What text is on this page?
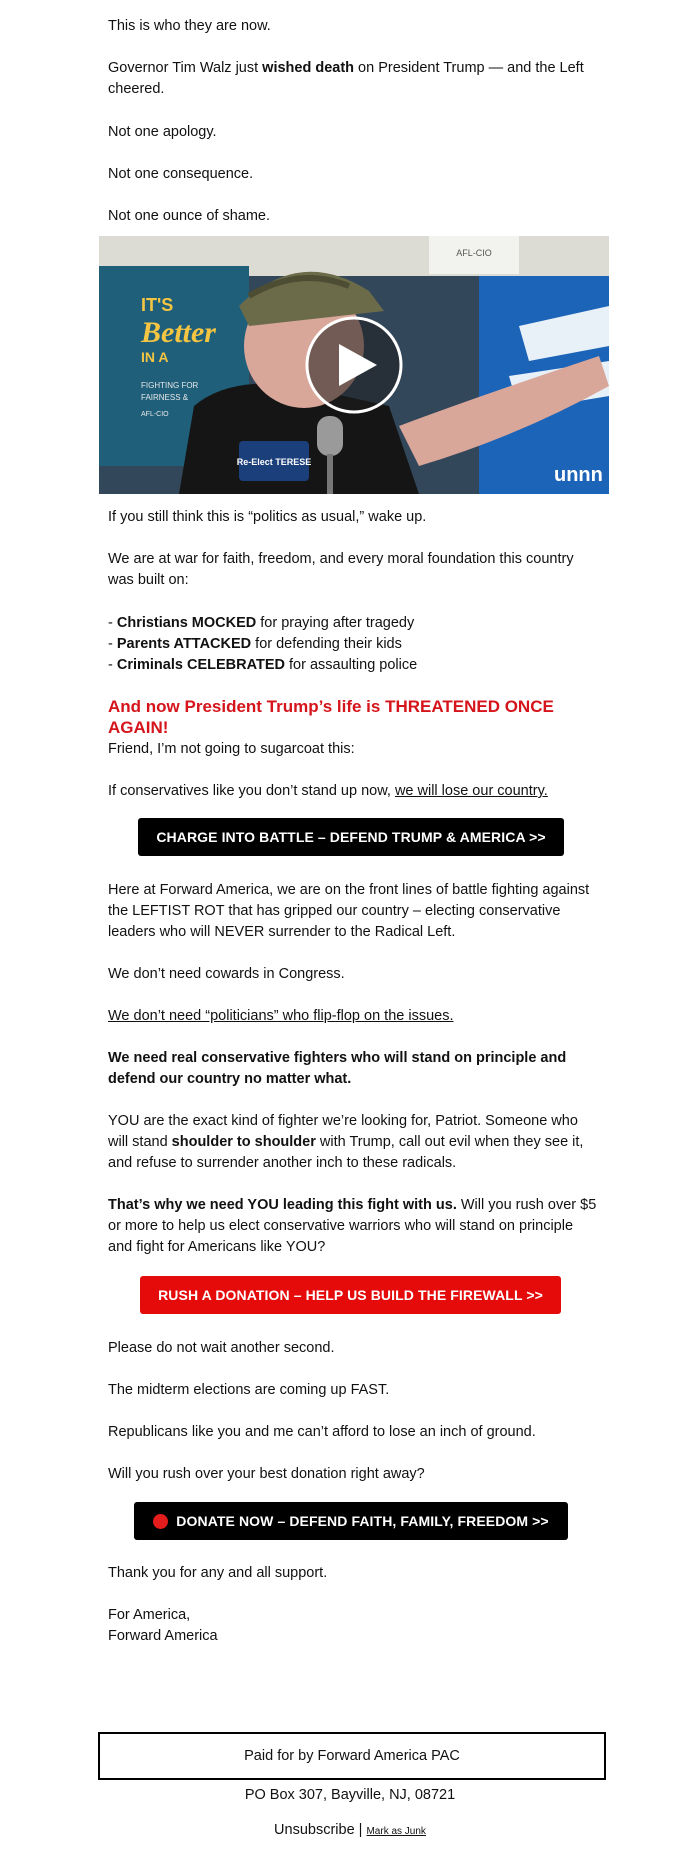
This is who they are now.

Governor Tim Walz just wished death on President Trump — and the Left cheered.

Not one apology.

Not one consequence.

Not one ounce of shame.

AFL-CIO
IT'S
Better
IN A
FIGHTING FOR
FAIRNESS &
AFL-CIO
unnn
Re-Elect TERESE

If you still think this is “politics as usual,” wake up.

We are at war for faith, freedom, and every moral foundation this country was built on:

- Christians MOCKED for praying after tragedy
- Parents ATTACKED for defending their kids
- Criminals CELEBRATED for assaulting police

And now President Trump’s life is THREATENED ONCE AGAIN!

Friend, I’m not going to sugarcoat this:

If conservatives like you don’t stand up now, we will lose our country.

CHARGE INTO BATTLE – DEFEND TRUMP & AMERICA >>

Here at Forward America, we are on the front lines of battle fighting against the LEFTIST ROT that has gripped our country – electing conservative leaders who will NEVER surrender to the Radical Left.

We don’t need cowards in Congress.

We don’t need “politicians” who flip-flop on the issues.

We need real conservative fighters who will stand on principle and defend our country no matter what.

YOU are the exact kind of fighter we’re looking for, Patriot. Someone who will stand shoulder to shoulder with Trump, call out evil when they see it, and refuse to surrender another inch to these radicals.

That’s why we need YOU leading this fight with us. Will you rush over $5 or more to help us elect conservative warriors who will stand on principle and fight for Americans like YOU?

RUSH A DONATION – HELP US BUILD THE FIREWALL >>

Please do not wait another second.

The midterm elections are coming up FAST.

Republicans like you and me can’t afford to lose an inch of ground.

Will you rush over your best donation right away?

DONATE NOW – DEFEND FAITH, FAMILY, FREEDOM >>

Thank you for any and all support.

For America,

Forward America

Paid for by Forward America PAC
PO Box 307, Bayville, NJ, 08721
Unsubscribe | Mark as Junk
